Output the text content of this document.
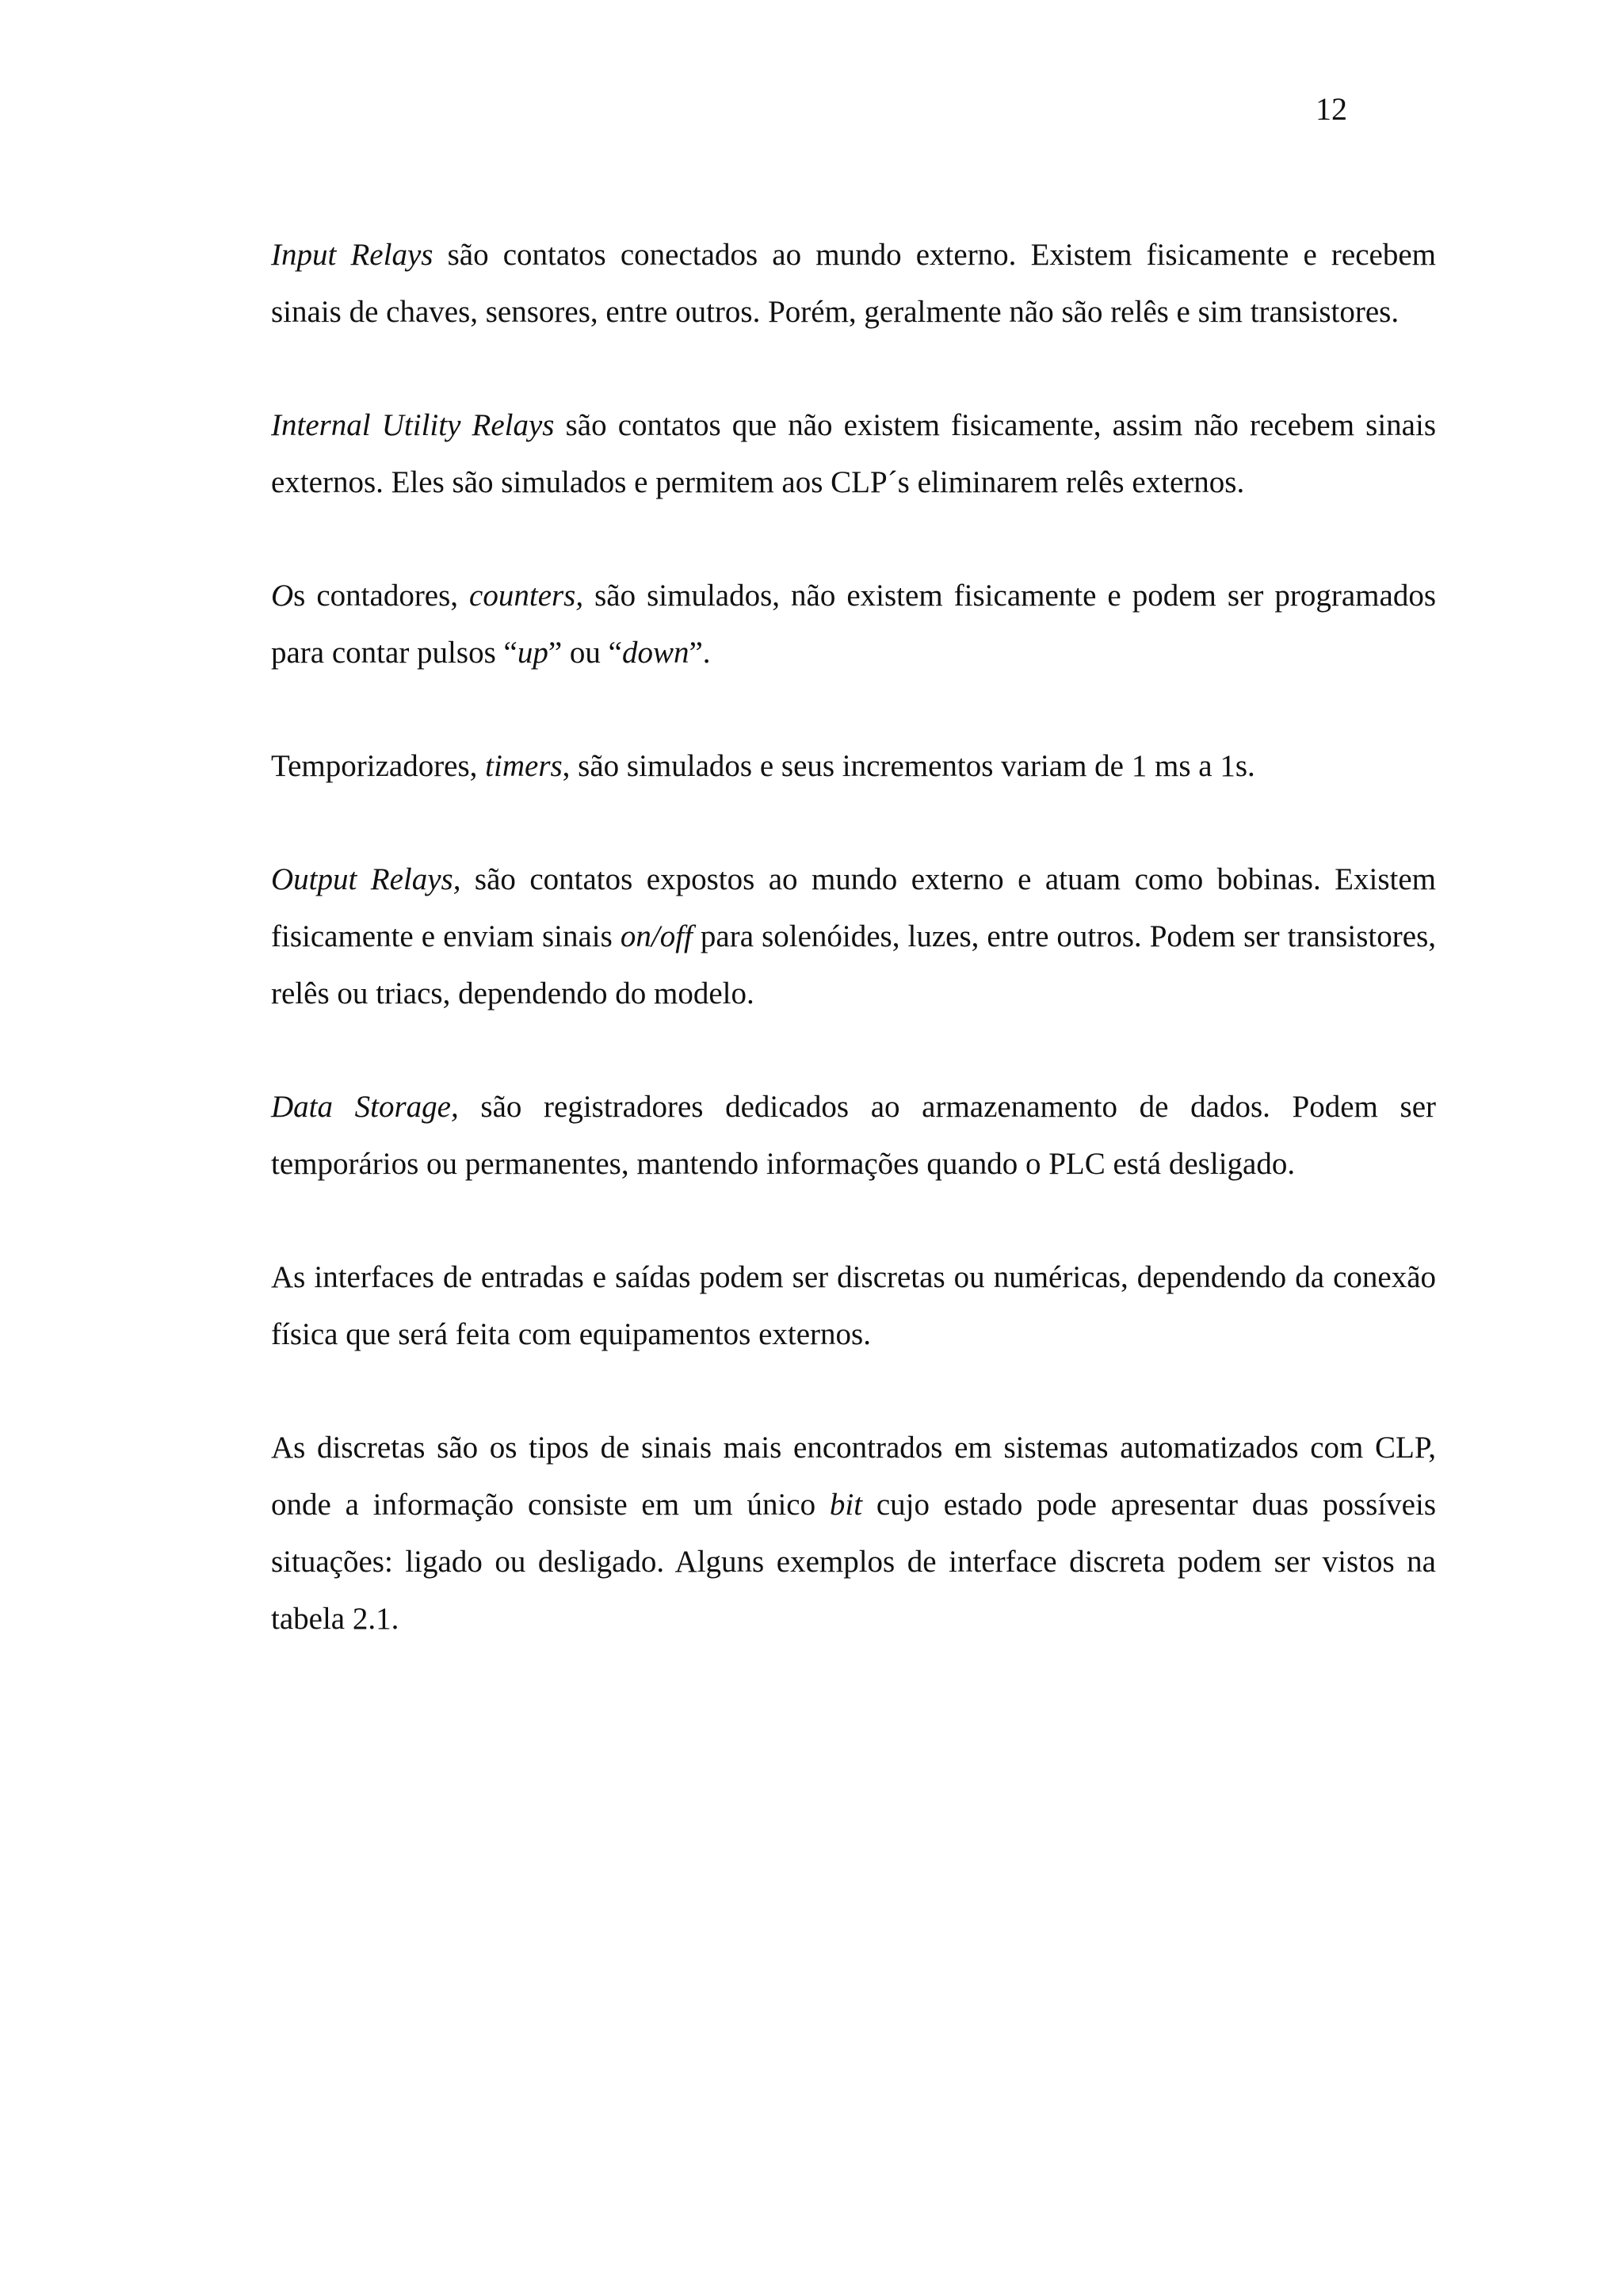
12

Input Relays são contatos conectados ao mundo externo. Existem fisicamente e recebem sinais de chaves, sensores, entre outros. Porém, geralmente não são relês e sim transistores.

Internal Utility Relays são contatos que não existem fisicamente, assim não recebem sinais externos. Eles são simulados e permitem aos CLP´s eliminarem relês externos.

Os contadores, counters, são simulados, não existem fisicamente e podem ser programados para contar pulsos “up” ou “down”.

Temporizadores, timers, são simulados e seus incrementos variam de 1 ms a 1s.

Output Relays, são contatos expostos ao mundo externo e atuam como bobinas. Existem fisicamente e enviam sinais on/off para solenóides, luzes, entre outros. Podem ser transistores, relês ou triacs, dependendo do modelo.

Data Storage, são registradores dedicados ao armazenamento de dados. Podem ser temporários ou permanentes, mantendo informações quando o PLC está desligado.

As interfaces de entradas e saídas podem ser discretas ou numéricas, dependendo da conexão física que será feita com equipamentos externos.

As discretas são os tipos de sinais mais encontrados em sistemas automatizados com CLP, onde a informação consiste em um único bit cujo estado pode apresentar duas possíveis situações: ligado ou desligado. Alguns exemplos de interface discreta podem ser vistos na tabela 2.1.
